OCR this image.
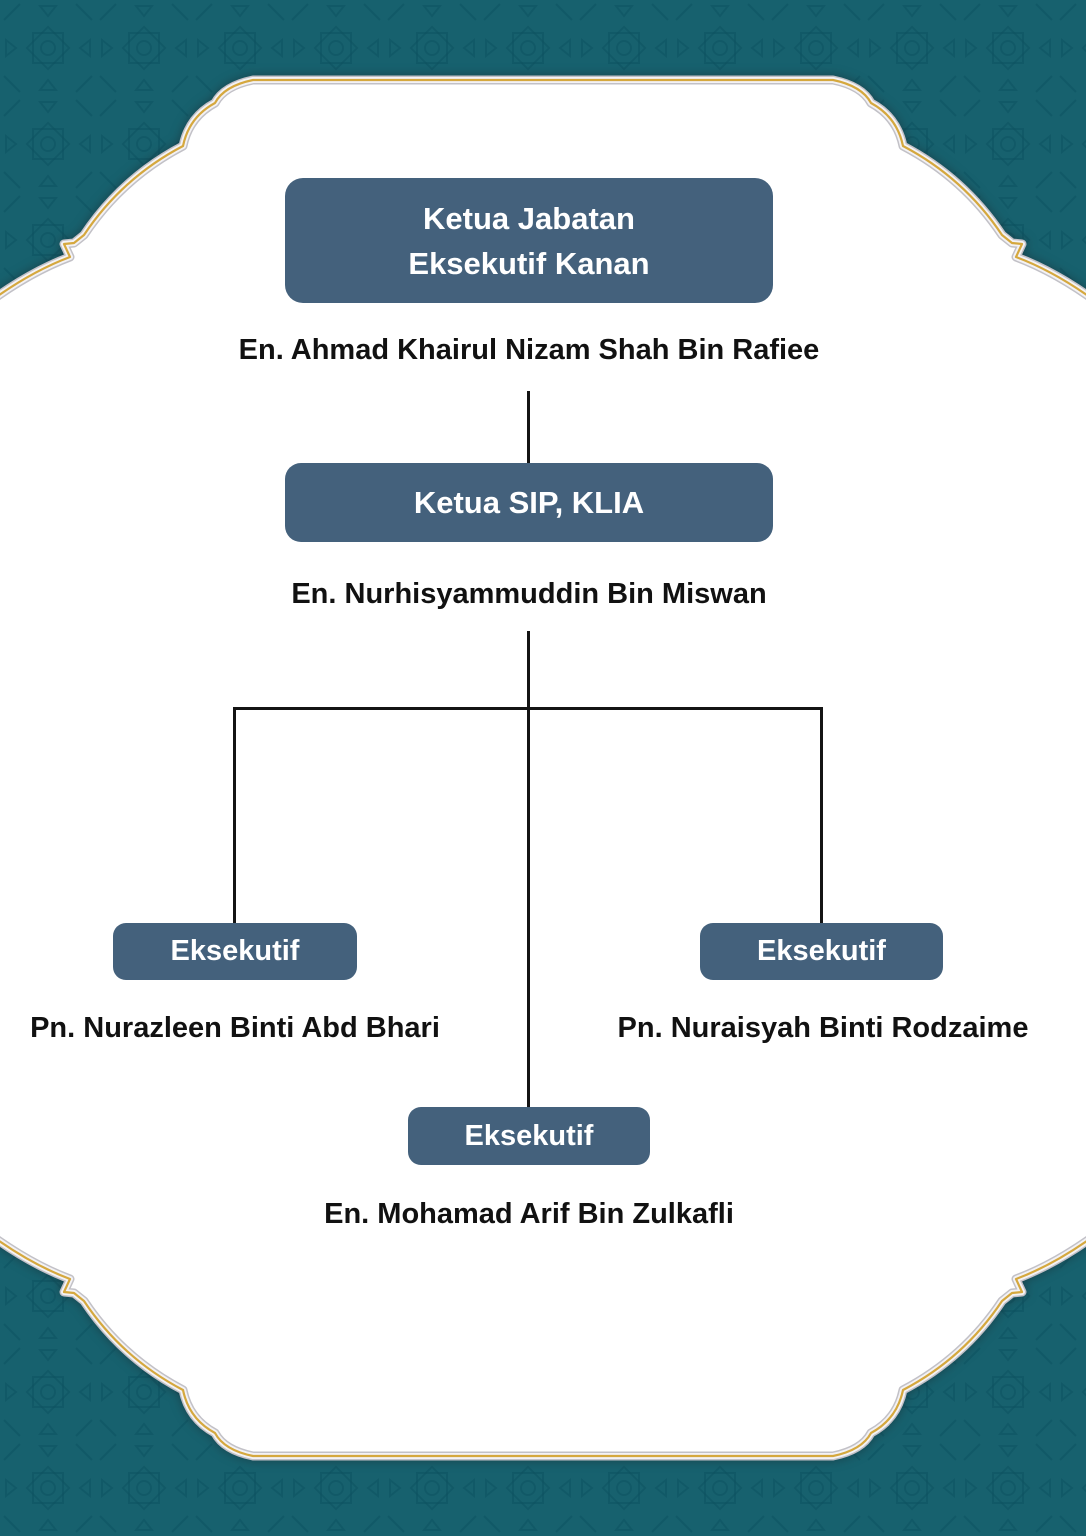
Ketua Jabatan
Eksekutif Kanan
En. Ahmad Khairul Nizam Shah Bin Rafiee
Ketua SIP, KLIA
En. Nurhisyammuddin Bin Miswan
Eksekutif
Pn. Nurazleen Binti Abd Bhari
Eksekutif
Pn. Nuraisyah Binti Rodzaime
Eksekutif
En. Mohamad Arif Bin Zulkafli
